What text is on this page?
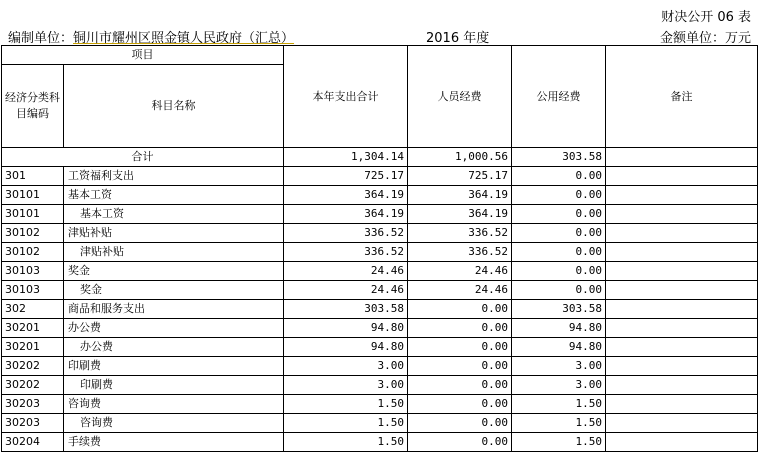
财决公开 06 表
编制单位：铜川市耀州区照金镇人民政府（汇总）	2016 年度	金额单位：万元
项目		本年支出合计	人员经费	公用经费	备注

经济分类科目编码	科目名称				
合计		1,304.14	1,000.56	303.58	
301	工资福利支出	725.17	725.17	0.00	
30101	基本工资	364.19	364.19	0.00	
30101	基本工资	364.19	364.19	0.00	
30102	津贴补贴	336.52	336.52	0.00	
30102	津贴补贴	336.52	336.52	0.00	
30103	奖金	24.46	24.46	0.00	
30103	奖金	24.46	24.46	0.00	
302	商品和服务支出	303.58	0.00	303.58	
30201	办公费	94.80	0.00	94.80	
30201	办公费	94.80	0.00	94.80	
30202	印刷费	3.00	0.00	3.00	
30202	印刷费	3.00	0.00	3.00	
30203	咨询费	1.50	0.00	1.50	
30203	咨询费	1.50	0.00	1.50	
30204	手续费	1.50	0.00	1.50	
